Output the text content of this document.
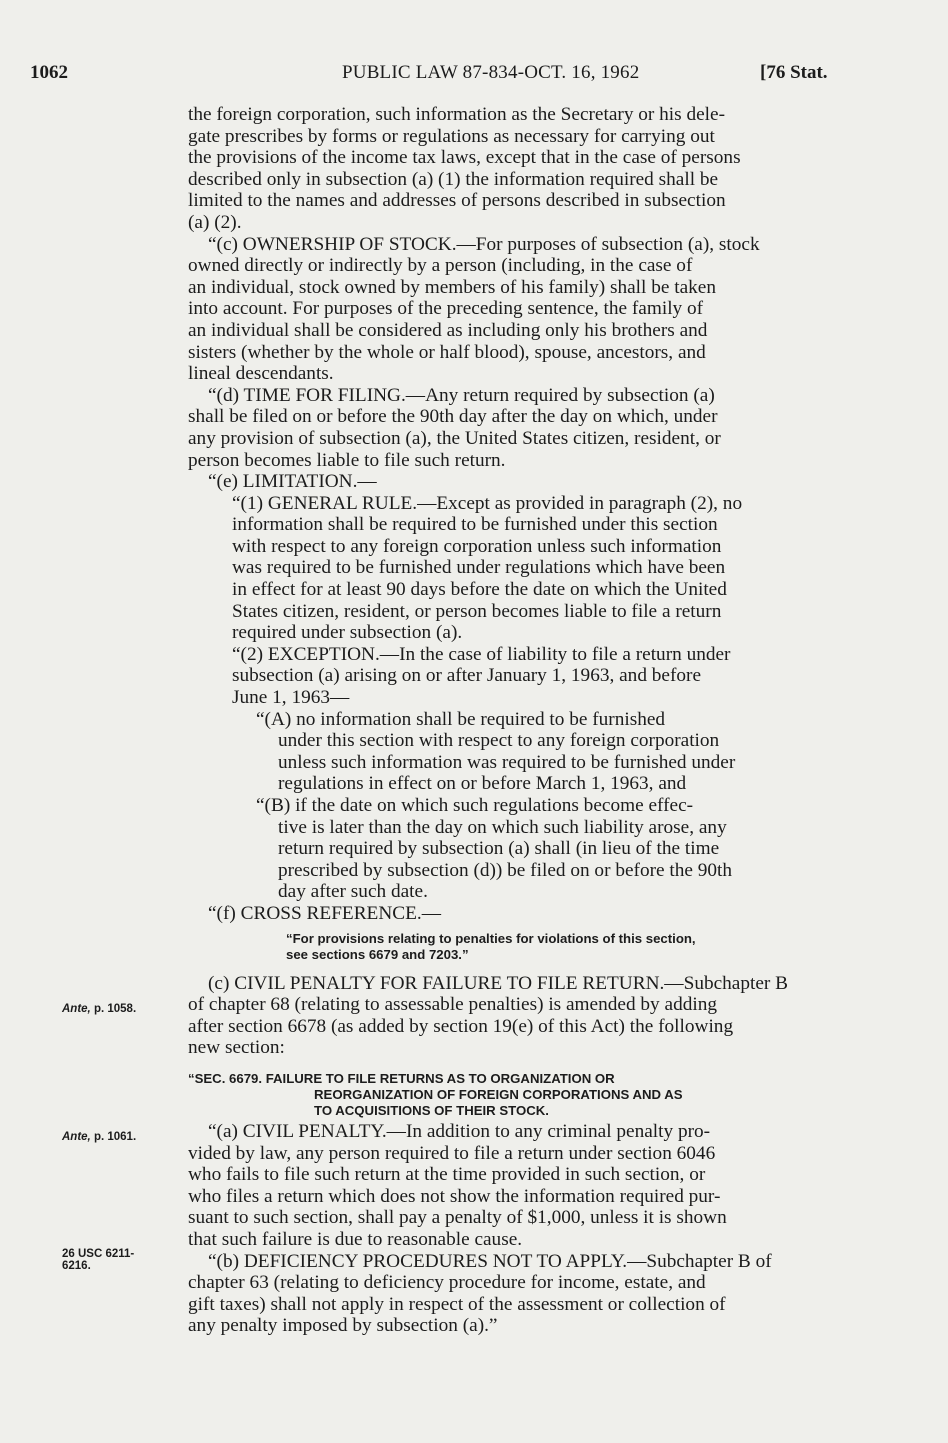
1062	PUBLIC LAW 87-834-OCT. 16, 1962	[76 Stat.
the foreign corporation, such information as the Secretary or his dele-
gate prescribes by forms or regulations as necessary for carrying out
the provisions of the income tax laws, except that in the case of persons
described only in subsection (a) (1) the information required shall be
limited to the names and addresses of persons described in subsection
(a) (2).
“(c) OWNERSHIP OF STOCK.—For purposes of subsection (a), stock
owned directly or indirectly by a person (including, in the case of
an individual, stock owned by members of his family) shall be taken
into account. For purposes of the preceding sentence, the family of
an individual shall be considered as including only his brothers and
sisters (whether by the whole or half blood), spouse, ancestors, and
lineal descendants.
“(d) TIME FOR FILING.—Any return required by subsection (a)
shall be filed on or before the 90th day after the day on which, under
any provision of subsection (a), the United States citizen, resident, or
person becomes liable to file such return.
“(e) LIMITATION.—
“(1) GENERAL RULE.—Except as provided in paragraph (2), no
information shall be required to be furnished under this section
with respect to any foreign corporation unless such information
was required to be furnished under regulations which have been
in effect for at least 90 days before the date on which the United
States citizen, resident, or person becomes liable to file a return
required under subsection (a).
“(2) EXCEPTION.—In the case of liability to file a return under
subsection (a) arising on or after January 1, 1963, and before
June 1, 1963—
“(A) no information shall be required to be furnished
under this section with respect to any foreign corporation
unless such information was required to be furnished under
regulations in effect on or before March 1, 1963, and
“(B) if the date on which such regulations become effec-
tive is later than the day on which such liability arose, any
return required by subsection (a) shall (in lieu of the time
prescribed by subsection (d)) be filed on or before the 90th
day after such date.
“(f) CROSS REFERENCE.—
“For provisions relating to penalties for violations of this section,
see sections 6679 and 7203.”
(c) CIVIL PENALTY FOR FAILURE TO FILE RETURN.—Subchapter B
of chapter 68 (relating to assessable penalties) is amended by adding
after section 6678 (as added by section 19(e) of this Act) the following
new section:
“SEC. 6679. FAILURE TO FILE RETURNS AS TO ORGANIZATION OR
REORGANIZATION OF FOREIGN CORPORATIONS AND AS
TO ACQUISITIONS OF THEIR STOCK.
“(a) CIVIL PENALTY.—In addition to any criminal penalty pro-
vided by law, any person required to file a return under section 6046
who fails to file such return at the time provided in such section, or
who files a return which does not show the information required pur-
suant to such section, shall pay a penalty of $1,000, unless it is shown
that such failure is due to reasonable cause.
“(b) DEFICIENCY PROCEDURES NOT TO APPLY.—Subchapter B of
chapter 63 (relating to deficiency procedure for income, estate, and
gift taxes) shall not apply in respect of the assessment or collection of
any penalty imposed by subsection (a).”
Ante, p. 1058.
Ante, p. 1061.
26 USC 6211-
6216.
